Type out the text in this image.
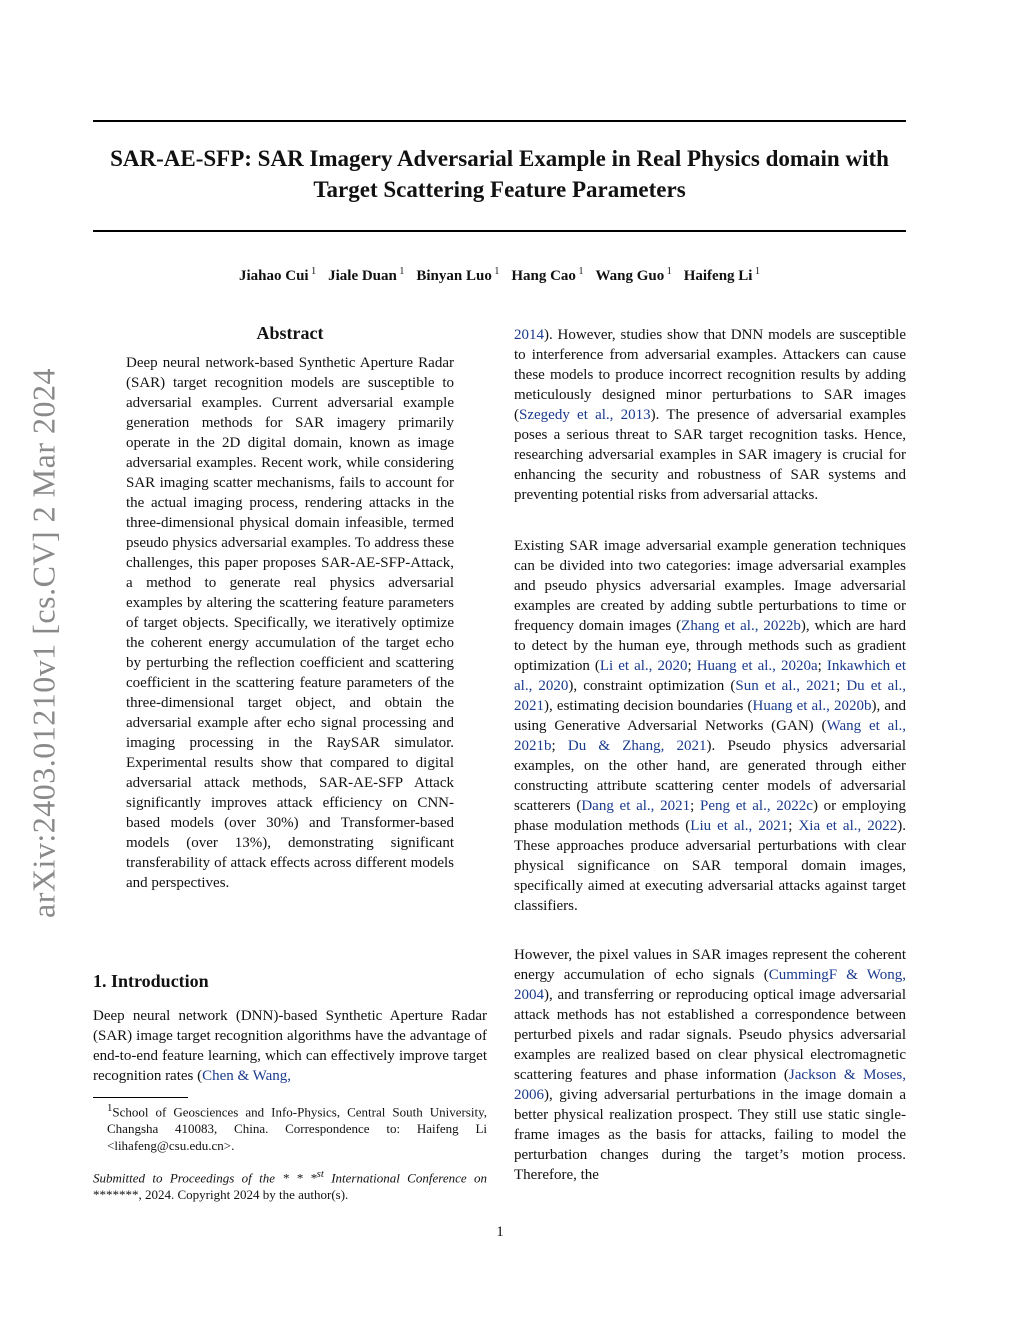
SAR-AE-SFP: SAR Imagery Adversarial Example in Real Physics domain with
Target Scattering Feature Parameters
Jiahao Cui $^1$ Jiale Duan $^1$ Binyan Luo $^1$ Hang Cao $^1$ Wang Guo $^1$ Haifeng Li $^1$
arXiv:2403.01210v1 [cs.CV] 2 Mar 2024
Abstract
Deep neural network-based Synthetic Aperture Radar (SAR) target recognition models are susceptible to adversarial examples. Current adversarial example generation methods for SAR imagery primarily operate in the 2D digital domain, known as image adversarial examples. Recent work, while considering SAR imaging scatter mechanisms, fails to account for the actual imaging process, rendering attacks in the three-dimensional physical domain infeasible, termed pseudo physics adversarial examples. To address these challenges, this paper proposes SAR-AE-SFP-Attack, a method to generate real physics adversarial examples by altering the scattering feature parameters of target objects. Specifically, we iteratively optimize the coherent energy accumulation of the target echo by perturbing the reflection coefficient and scattering coefficient in the scattering feature parameters of the three-dimensional target object, and obtain the adversarial example after echo signal processing and imaging processing in the RaySAR simulator. Experimental results show that compared to digital adversarial attack methods, SAR-AE-SFP Attack significantly improves attack efficiency on CNN-based models (over 30%) and Transformer-based models (over 13%), demonstrating significant transferability of attack effects across different models and perspectives.
1. Introduction
Deep neural network (DNN)-based Synthetic Aperture Radar (SAR) image target recognition algorithms have the advantage of end-to-end feature learning, which can effectively improve target recognition rates (Chen & Wang,
$^1$School of Geosciences and Info-Physics, Central South University, Changsha 410083, China. Correspondence to: Haifeng Li <lihafeng@csu.edu.cn>.
Submitted to Proceedings of the * * *$^{st}$ International Conference on *******, 2024. Copyright 2024 by the author(s).
2014). However, studies show that DNN models are susceptible to interference from adversarial examples. Attackers can cause these models to produce incorrect recognition results by adding meticulously designed minor perturbations to SAR images (Szegedy et al., 2013). The presence of adversarial examples poses a serious threat to SAR target recognition tasks. Hence, researching adversarial examples in SAR imagery is crucial for enhancing the security and robustness of SAR systems and preventing potential risks from adversarial attacks.
Existing SAR image adversarial example generation techniques can be divided into two categories: image adversarial examples and pseudo physics adversarial examples. Image adversarial examples are created by adding subtle perturbations to time or frequency domain images (Zhang et al., 2022b), which are hard to detect by the human eye, through methods such as gradient optimization (Li et al., 2020; Huang et al., 2020a; Inkawhich et al., 2020), constraint optimization (Sun et al., 2021; Du et al., 2021), estimating decision boundaries (Huang et al., 2020b), and using Generative Adversarial Networks (GAN) (Wang et al., 2021b; Du & Zhang, 2021). Pseudo physics adversarial examples, on the other hand, are generated through either constructing attribute scattering center models of adversarial scatterers (Dang et al., 2021; Peng et al., 2022c) or employing phase modulation methods (Liu et al., 2021; Xia et al., 2022). These approaches produce adversarial perturbations with clear physical significance on SAR temporal domain images, specifically aimed at executing adversarial attacks against target classifiers.
However, the pixel values in SAR images represent the coherent energy accumulation of echo signals (CummingF & Wong, 2004), and transferring or reproducing optical image adversarial attack methods has not established a correspondence between perturbed pixels and radar signals. Pseudo physics adversarial examples are realized based on clear physical electromagnetic scattering features and phase information (Jackson & Moses, 2006), giving adversarial perturbations in the image domain a better physical realization prospect. They still use static single-frame images as the basis for attacks, failing to model the perturbation changes during the target’s motion process. Therefore, the
1
